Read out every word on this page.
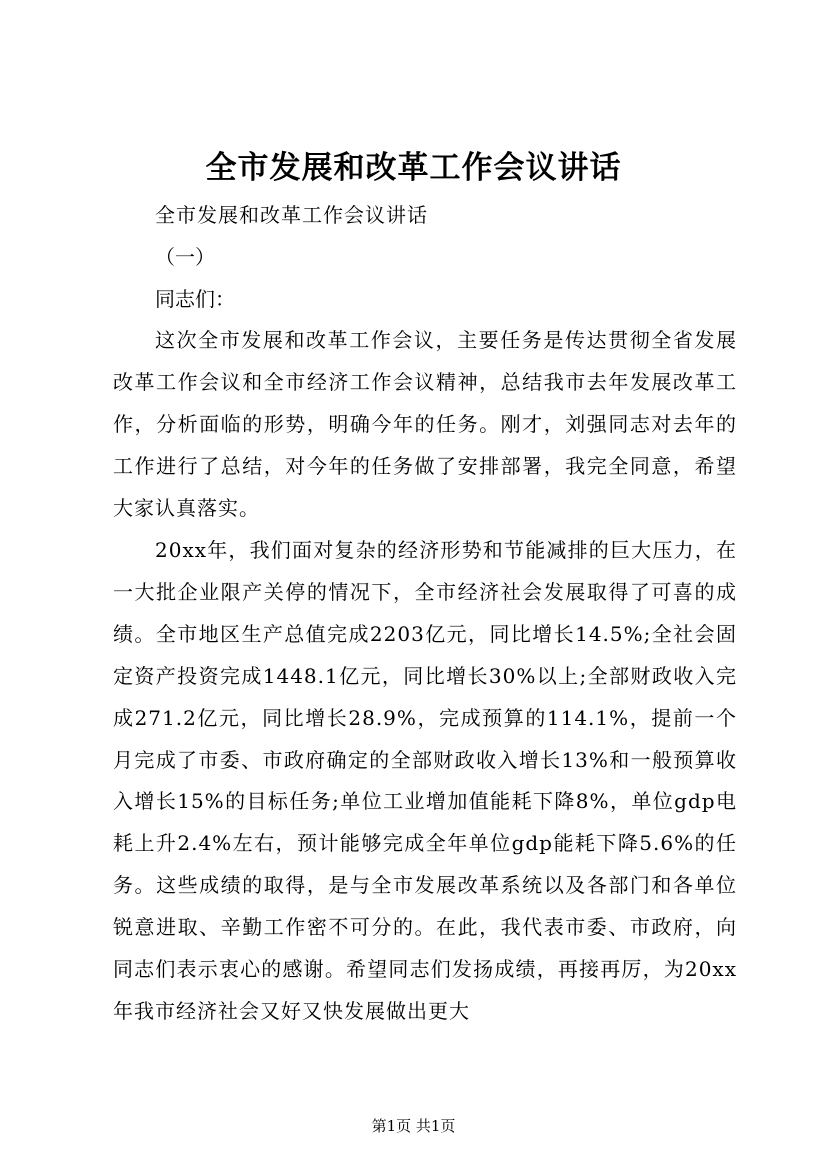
全市发展和改革工作会议讲话
全市发展和改革工作会议讲话
（一）
同志们：

这次全市发展和改革工作会议，主要任务是传达贯彻全省发展改革工作会议和全市经济工作会议精神，总结我市去年发展改革工作，分析面临的形势，明确今年的任务。刚才，刘强同志对去年的工作进行了总结，对今年的任务做了安排部署，我完全同意，希望大家认真落实。

20xx年，我们面对复杂的经济形势和节能减排的巨大压力，在一大批企业限产关停的情况下，全市经济社会发展取得了可喜的成绩。全市地区生产总值完成2203亿元，同比增长14.5%;全社会固定资产投资完成1448.1亿元，同比增长30%以上;全部财政收入完成271.2亿元，同比增长28.9%，完成预算的114.1%，提前一个月完成了市委、市政府确定的全部财政收入增长13%和一般预算收入增长15%的目标任务;单位工业增加值能耗下降8%，单位gdp电耗上升2.4%左右，预计能够完成全年单位gdp能耗下降5.6%的任务。这些成绩的取得，是与全市发展改革系统以及各部门和各单位锐意进取、辛勤工作密不可分的。在此，我代表市委、市政府，向同志们表示衷心的感谢。希望同志们发扬成绩，再接再厉，为20xx年我市经济社会又好又快发展做出更大

第1页 共1页
